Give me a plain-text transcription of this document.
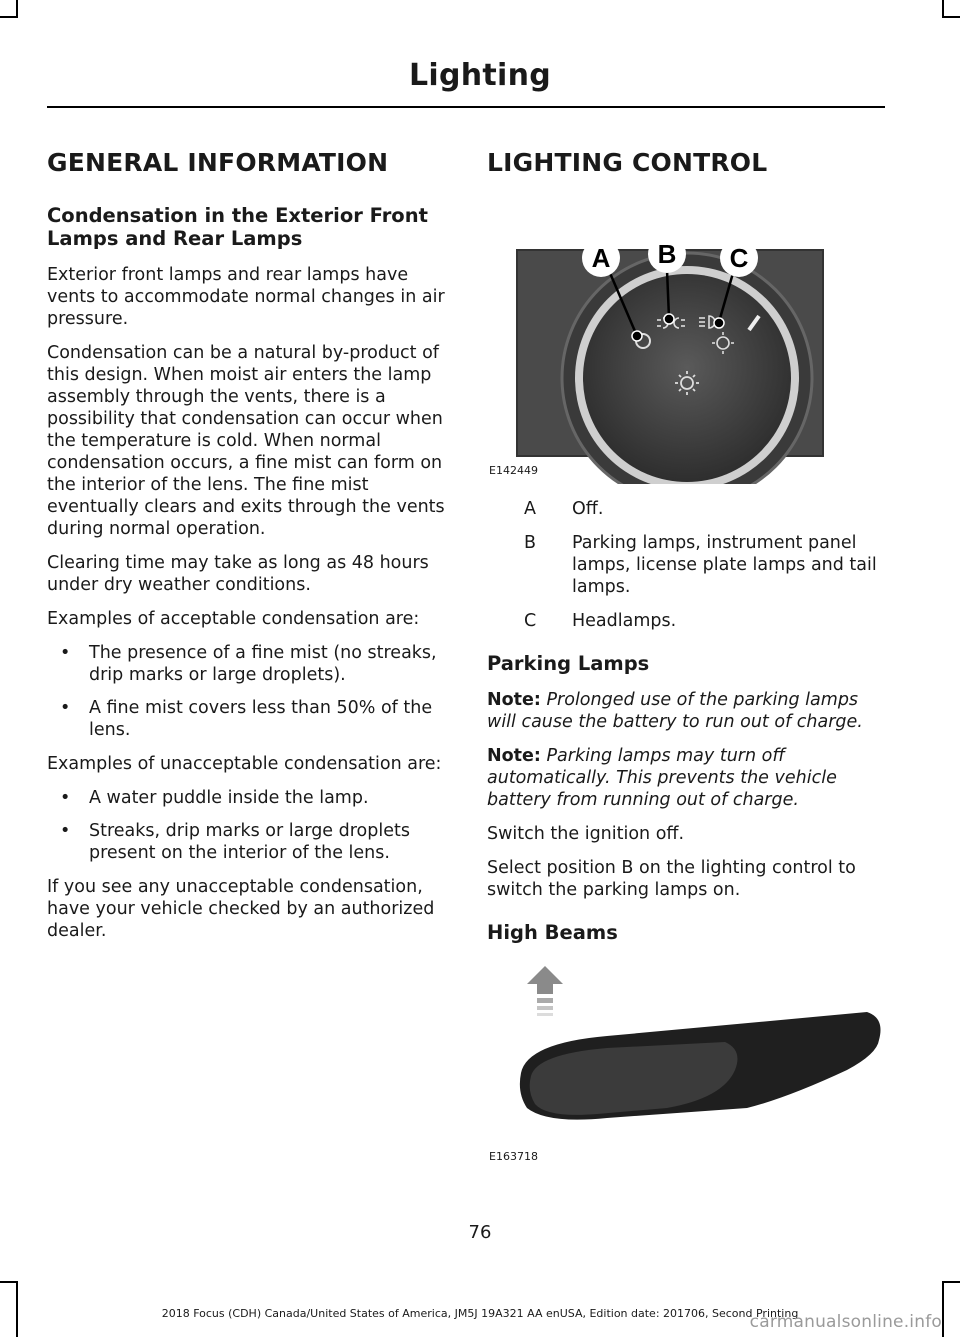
Lighting
GENERAL INFORMATION
Condensation in the Exterior Front Lamps and Rear Lamps

Exterior front lamps and rear lamps have vents to accommodate normal changes in air pressure.

Condensation can be a natural by-product of this design. When moist air enters the lamp assembly through the vents, there is a possibility that condensation can occur when the temperature is cold. When normal condensation occurs, a fine mist can form on the interior of the lens. The fine mist eventually clears and exits through the vents during normal operation.

Clearing time may take as long as 48 hours under dry weather conditions.

Examples of acceptable condensation are:

• The presence of a fine mist (no streaks, drip marks or large droplets).
• A fine mist covers less than 50% of the lens.

Examples of unacceptable condensation are:

• A water puddle inside the lamp.
• Streaks, drip marks or large droplets present on the interior of the lens.

If you see any unacceptable condensation, have your vehicle checked by an authorized dealer.

LIGHTING CONTROL
A B C
E142449
A	Off.
B	Parking lamps, instrument panel lamps, license plate lamps and tail lamps.
C	Headlamps.
Parking Lamps

Note: Prolonged use of the parking lamps will cause the battery to run out of charge.

Note: Parking lamps may turn off automatically. This prevents the vehicle battery from running out of charge.

Switch the ignition off.

Select position B on the lighting control to switch the parking lamps on.

High Beams
E163718
76
2018 Focus (CDH) Canada/United States of America, JM5J 19A321 AA enUSA, Edition date: 201706, Second Printing
carmanualsonline.info
